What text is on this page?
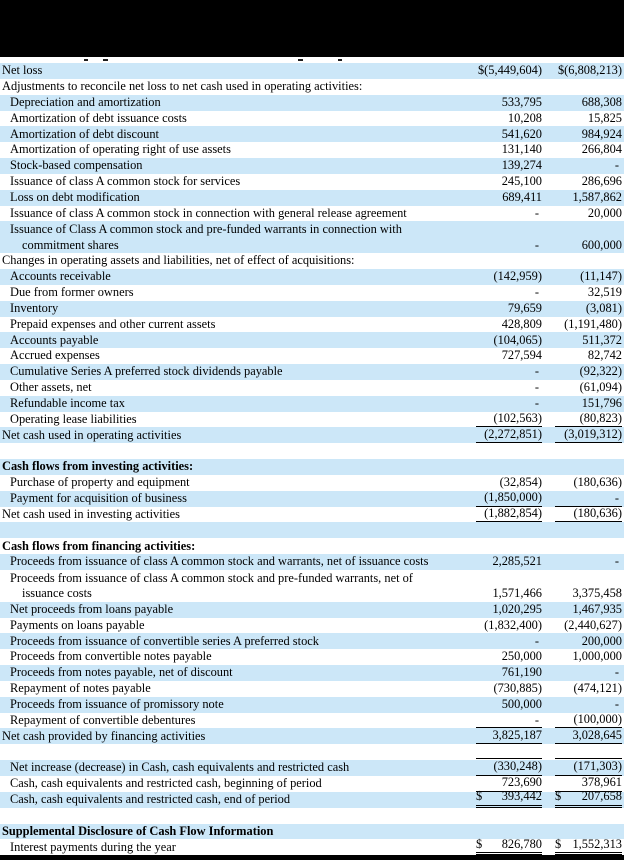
Net loss	$(5,449,604) $(6,808,213)
Adjustments to reconcile net loss to net cash used in operating activities:
Depreciation and amortization	533,795	688,308
Amortization of debt issuance costs	10,208	15,825
Amortization of debt discount	541,620	984,924
Amortization of operating right of use assets	131,140	266,804
Stock-based compensation	139,274	-
Issuance of class A common stock for services	245,100	286,696
Loss on debt modification	689,411 1,587,862
Issuance of class A common stock in connection with general release agreement	-	20,000
Issuance of Class A common stock and pre-funded warrants in connection with
commitment shares	-	600,000
Changes in operating assets and liabilities, net of effect of acquisitions:
Accounts receivable	(142,959)	(11,147)
Due from former owners	-	32,519
Inventory	79,659	(3,081)
Prepaid expenses and other current assets	428,809 (1,191,480)
Accounts payable	(104,065)	511,372
Accrued expenses	727,594	82,742
Cumulative Series A preferred stock dividends payable	-	(92,322)
Other assets, net	-	(61,094)
Refundable income tax	-	151,796
Operating lease liabilities	(102,563)	(80,823)
Net cash used in operating activities	(2,272,851) (3,019,312)
Cash flows from investing activities:
Purchase of property and equipment	(32,854)	(180,636)
Payment for acquisition of business	(1,850,000)	-
Net cash used in investing activities	(1,882,854)	(180,636)
Cash flows from financing activities:
Proceeds from issuance of class A common stock and warrants, net of issuance costs	2,285,521	-
Proceeds from issuance of class A common stock and pre-funded warrants, net of
issuance costs	1,571,466 3,375,458
Net proceeds from loans payable	1,020,295 1,467,935
Payments on loans payable	(1,832,400) (2,440,627)
Proceeds from issuance of convertible series A preferred stock	-	200,000
Proceeds from convertible notes payable	250,000 1,000,000
Proceeds from notes payable, net of discount	761,190	-
Repayment of notes payable	(730,885)	(474,121)
Proceeds from issuance of promissory note	500,000	-
Repayment of convertible debentures	-	(100,000)
Net cash provided by financing activities	3,825,187 3,028,645
Net increase (decrease) in Cash, cash equivalents and restricted cash	(330,248)	(171,303)
Cash, cash equivalents and restricted cash, beginning of period	723,690	378,961
Cash, cash equivalents and restricted cash, end of period	$ 393,442 $ 207,658
Supplemental Disclosure of Cash Flow Information
Interest payments during the year	$ 826,780 $ 1,552,313
